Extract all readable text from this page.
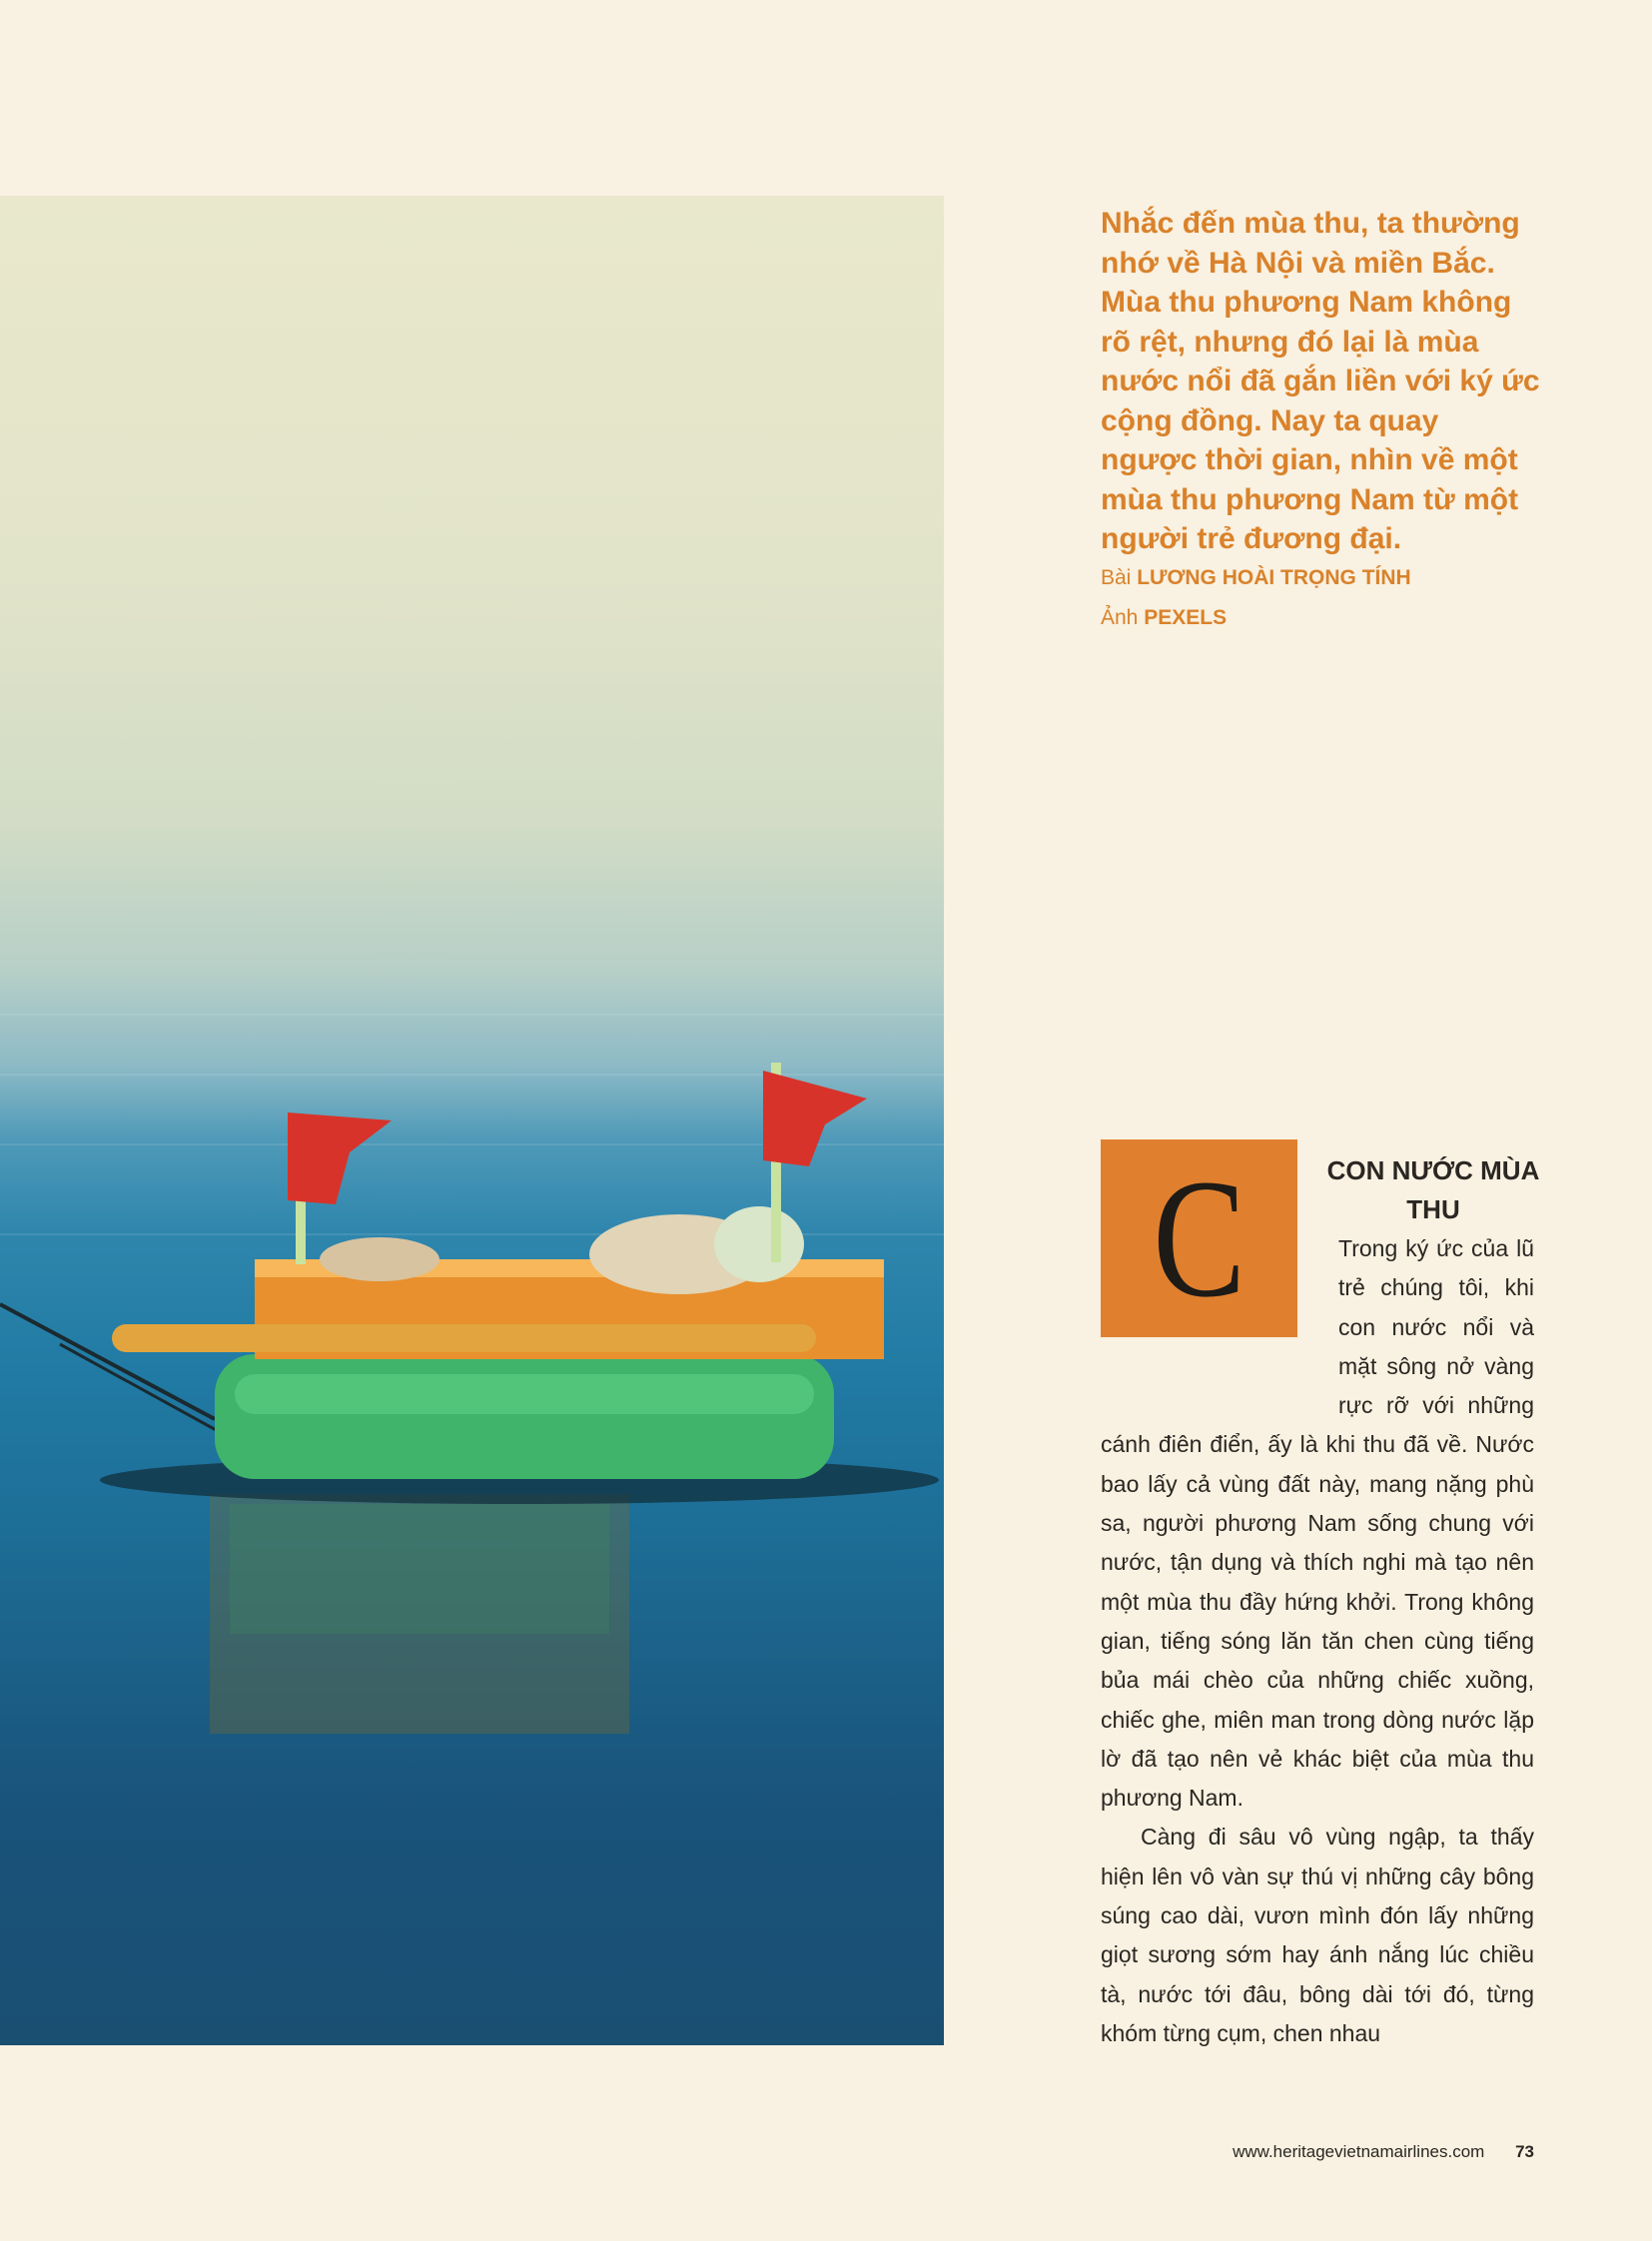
Nhắc đến mùa thu, ta thường nhớ về Hà Nội và miền Bắc. Mùa thu phương Nam không rõ rệt, nhưng đó lại là mùa nước nổi đã gắn liền với ký ức cộng đồng. Nay ta quay ngược thời gian, nhìn về một mùa thu phương Nam từ một người trẻ đương đại.
Bài LƯƠNG HOÀI TRỌNG TÍNH
Ảnh PEXELS
C	CON NƯỚC MÙA THU

Trong ký ức của lũ trẻ chúng tôi, khi con nước nổi và mặt sông nở vàng rực rỡ với những cánh điên điển, ấy là khi thu đã về. Nước bao lấy cả vùng đất này, mang nặng phù sa, người phương Nam sống chung với nước, tận dụng và thích nghi mà tạo nên một mùa thu đầy hứng khởi. Trong không gian, tiếng sóng lăn tăn chen cùng tiếng bủa mái chèo của những chiếc xuồng, chiếc ghe, miên man trong dòng nước lặp lờ đã tạo nên vẻ khác biệt của mùa thu phương Nam.

Càng đi sâu vô vùng ngập, ta thấy hiện lên vô vàn sự thú vị những cây bông súng cao dài, vươn mình đón lấy những giọt sương sớm hay ánh nắng lúc chiều tà, nước tới đâu, bông dài tới đó, từng khóm từng cụm, chen nhau

www.heritagevietnamairlines.com 73
